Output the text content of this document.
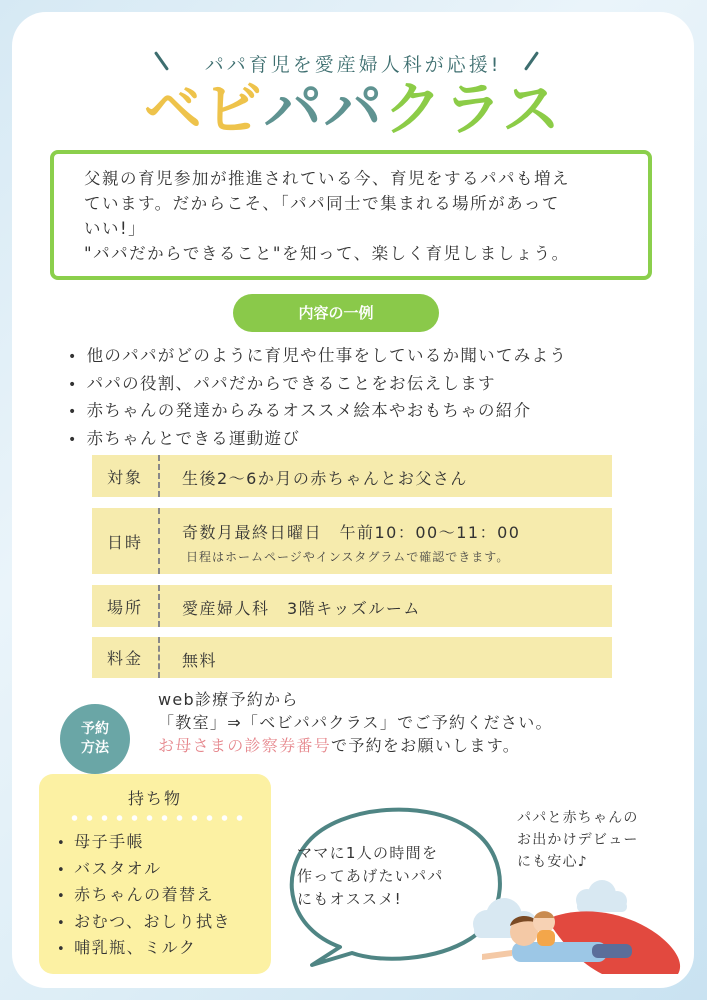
パパ育児を愛産婦人科が応援!
ベビパパクラス
父親の育児参加が推進されている今、育児をするパパも増え
ています。だからこそ、「パパ同士で集まれる場所があって
いい!」
"パパだからできること"を知って、楽しく育児しましょう。
内容の一例
• 他のパパがどのように育児や仕事をしているか聞いてみよう
• パパの役割、パパだからできることをお伝えします
• 赤ちゃんの発達からみるオススメ絵本やおもちゃの紹介
• 赤ちゃんとできる運動遊び
対象	生後2～6か月の赤ちゃんとお父さん
日時	奇数月最終日曜日　午前10：00～11：00
日程はホームページやインスタグラムで確認できます。
場所	愛産婦人科　3階キッズルーム
料金	無料
予約
方法
web診療予約から
「教室」⇒「ベビパパクラス」でご予約ください。
お母さまの診察券番号で予約をお願いします。
持ち物
• 母子手帳
• バスタオル
• 赤ちゃんの着替え
• おむつ、おしり拭き
• 哺乳瓶、ミルク
ママに1人の時間を
作ってあげたいパパ
にもオススメ!
パパと赤ちゃんの
お出かけデビュー
にも安心♪
